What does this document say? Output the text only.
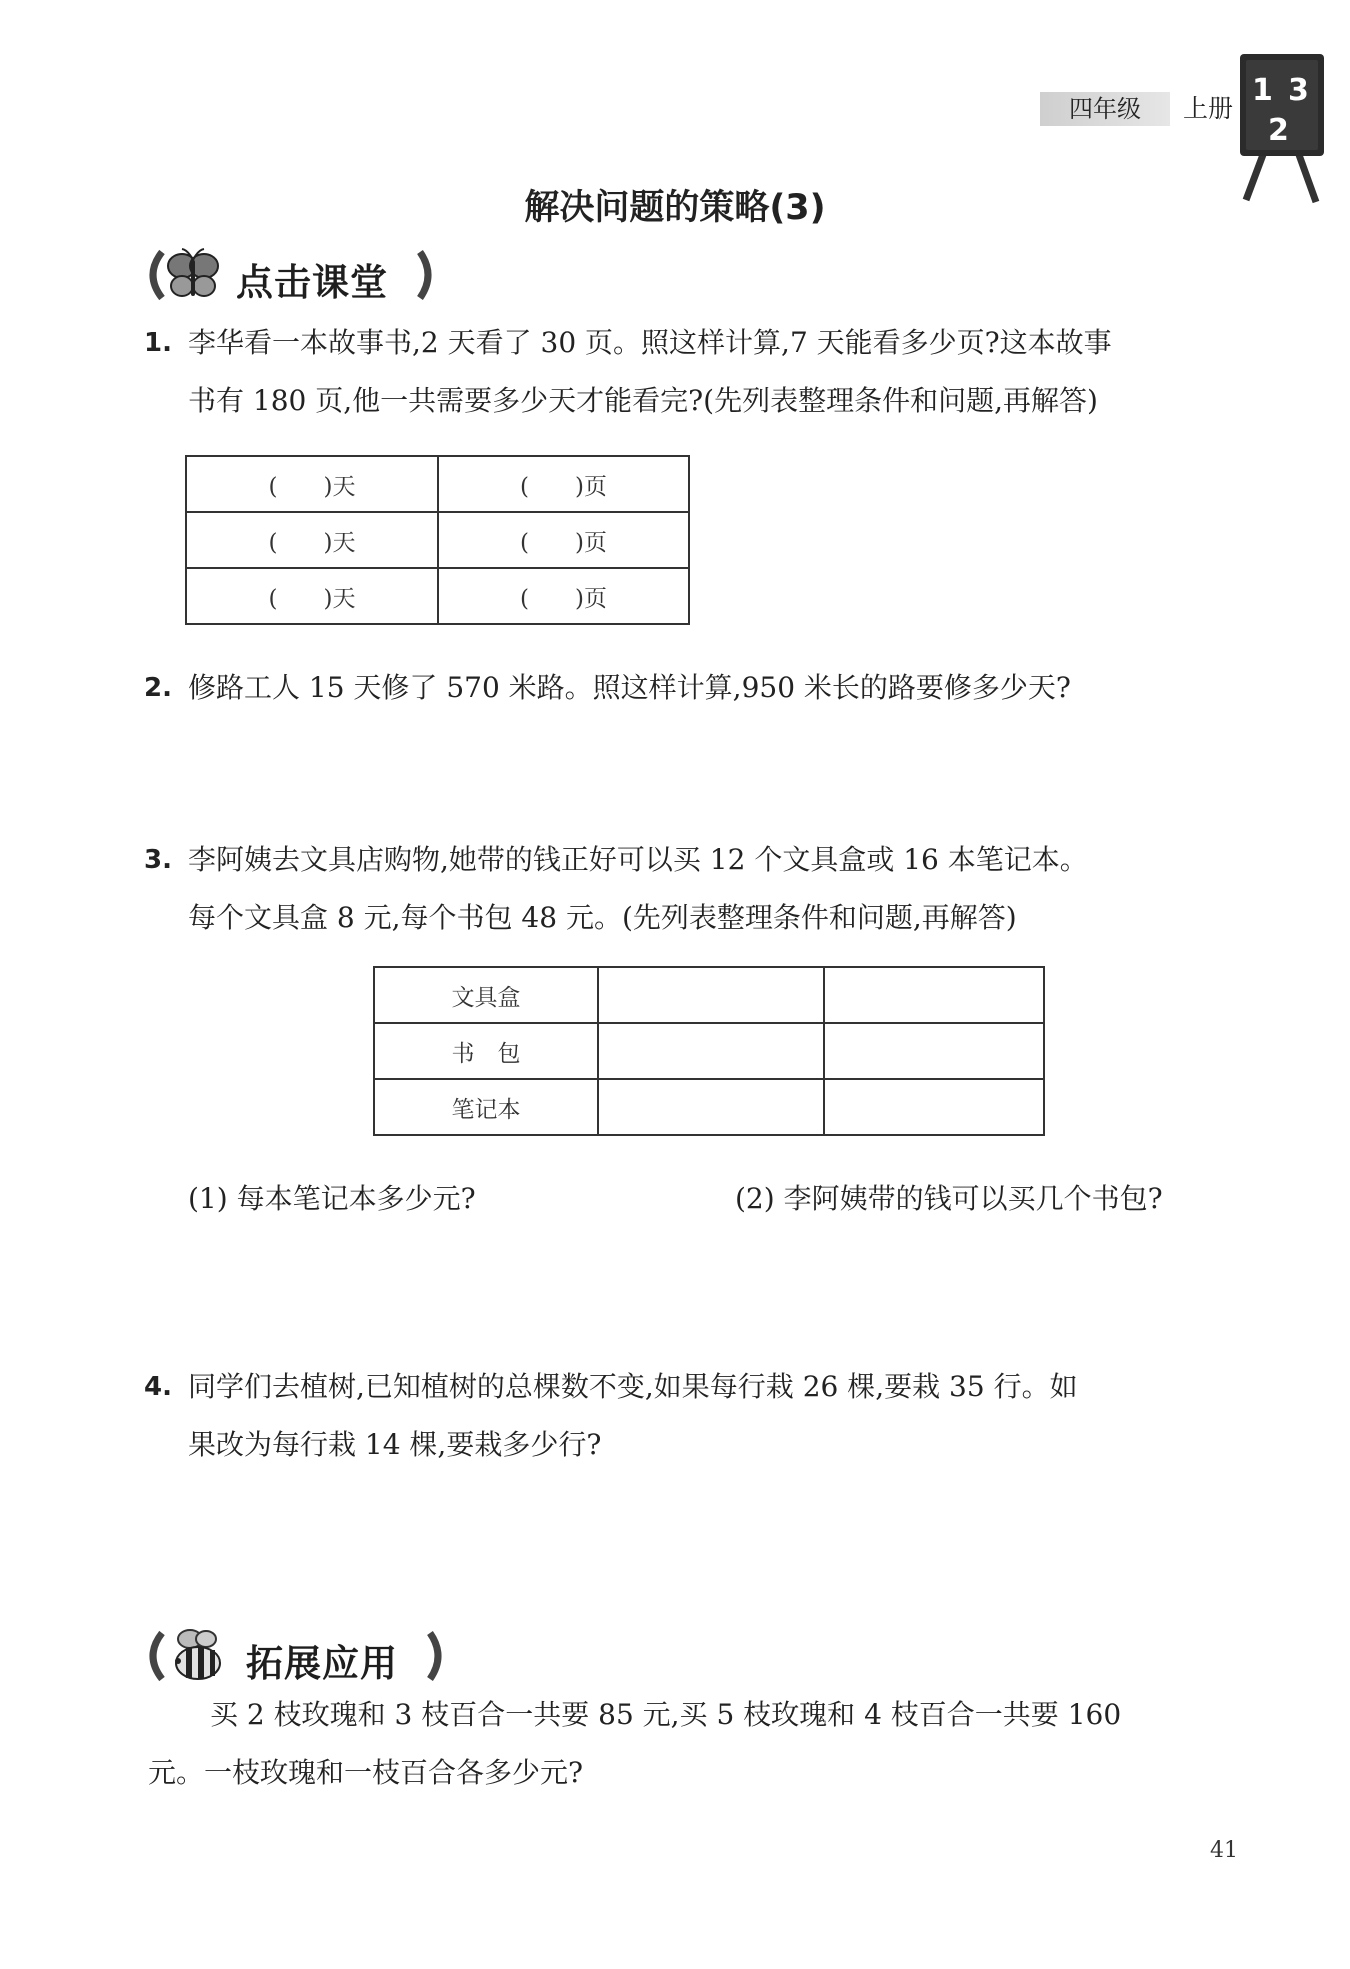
四年级	上册
1 3
2
解决问题的策略(3)
点击课堂
1. 李华看一本故事书,2 天看了 30 页。照这样计算,7 天能看多少页?这本故事
书有 180 页,他一共需要多少天才能看完?(先列表整理条件和问题,再解答)
(　　)天	(　　)页
(　　)天	(　　)页
(　　)天	(　　)页
2. 修路工人 15 天修了 570 米路。照这样计算,950 米长的路要修多少天?
3. 李阿姨去文具店购物,她带的钱正好可以买 12 个文具盒或 16 本笔记本。
每个文具盒 8 元,每个书包 48 元。(先列表整理条件和问题,再解答)
文具盒		
书　包		
笔记本		
(1) 每本笔记本多少元?	(2) 李阿姨带的钱可以买几个书包?
4. 同学们去植树,已知植树的总棵数不变,如果每行栽 26 棵,要栽 35 行。如
果改为每行栽 14 棵,要栽多少行?
拓展应用
买 2 枝玫瑰和 3 枝百合一共要 85 元,买 5 枝玫瑰和 4 枝百合一共要 160
元。一枝玫瑰和一枝百合各多少元?
41
